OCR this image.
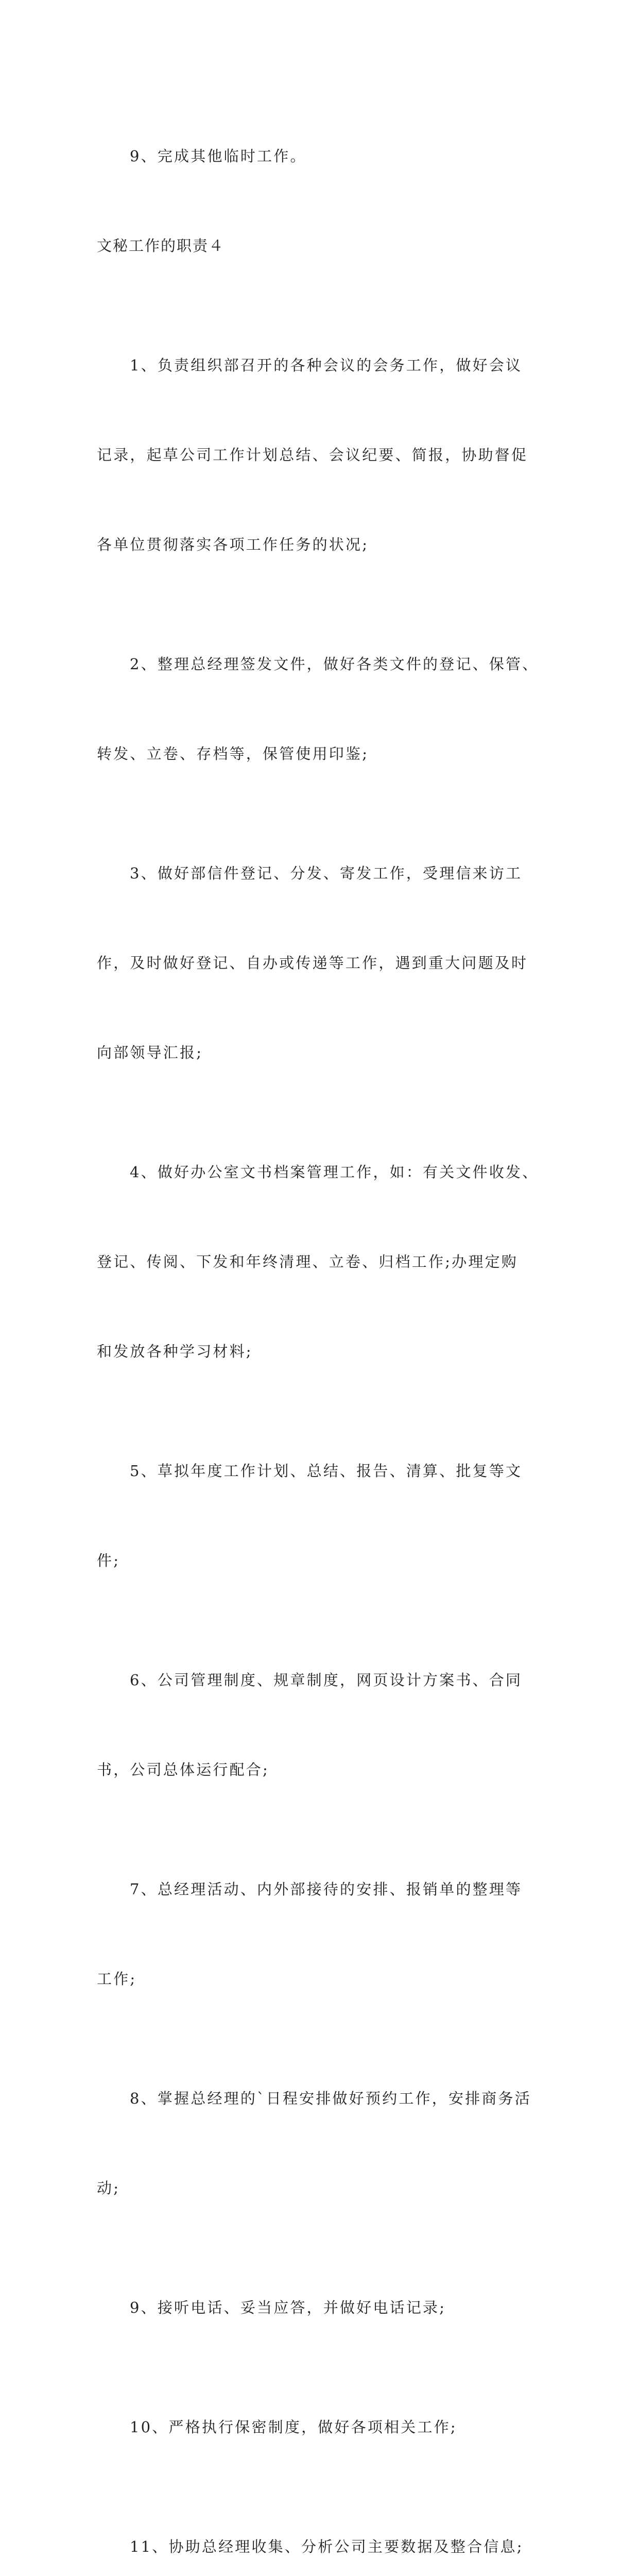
9、完成其他临时工作。

文秘工作的职责４

1、负责组织部召开的各种会议的会务工作，做好会议

记录，起草公司工作计划总结、会议纪要、简报，协助督促

各单位贯彻落实各项工作任务的状况;

2、整理总经理签发文件，做好各类文件的登记、保管、

转发、立卷、存档等，保管使用印鉴;

3、做好部信件登记、分发、寄发工作，受理信来访工

作，及时做好登记、自办或传递等工作，遇到重大问题及时

向部领导汇报;

4、做好办公室文书档案管理工作，如：有关文件收发、

登记、传阅、下发和年终清理、立卷、归档工作;办理定购

和发放各种学习材料;

5、草拟年度工作计划、总结、报告、清算、批复等文

件;

6、公司管理制度、规章制度，网页设计方案书、合同

书，公司总体运行配合;

7、总经理活动、内外部接待的安排、报销单的整理等

工作;

8、掌握总经理的`日程安排做好预约工作，安排商务活

动;

9、接听电话、妥当应答，并做好电话记录;

10、严格执行保密制度，做好各项相关工作;

11、协助总经理收集、分析公司主要数据及整合信息;
